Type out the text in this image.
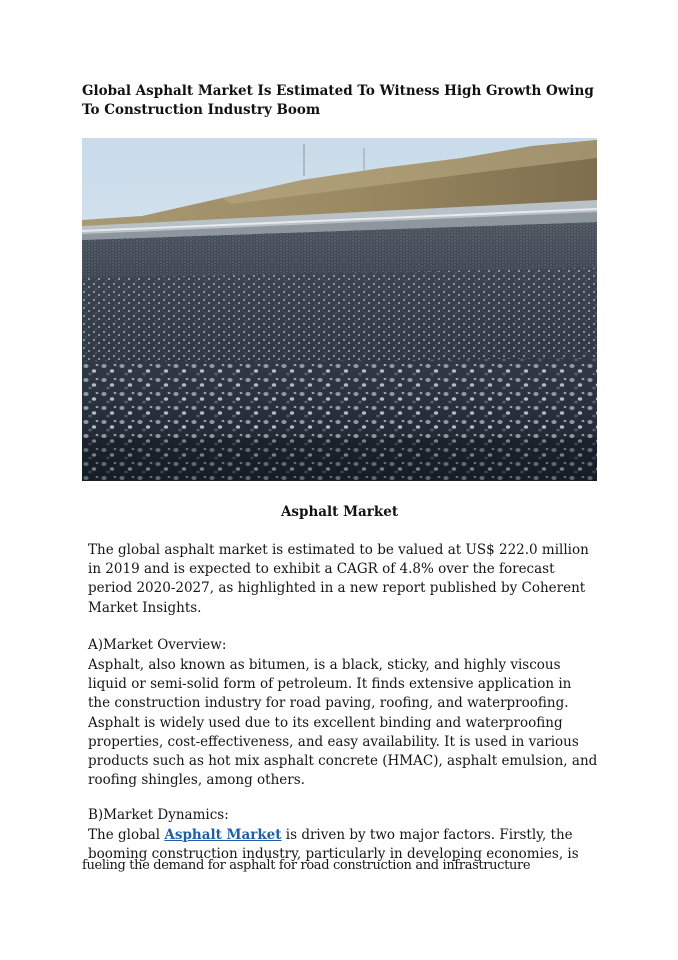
Global Asphalt Market Is Estimated To Witness High Growth Owing To Construction Industry Boom

Asphalt Market

The global asphalt market is estimated to be valued at US$ 222.0 million
in 2019 and is expected to exhibit a CAGR of 4.8% over the forecast
period 2020-2027, as highlighted in a new report published by Coherent
Market Insights.

A)Market Overview:

Asphalt, also known as bitumen, is a black, sticky, and highly viscous
liquid or semi-solid form of petroleum. It finds extensive application in
the construction industry for road paving, roofing, and waterproofing.
Asphalt is widely used due to its excellent binding and waterproofing
properties, cost-effectiveness, and easy availability. It is used in various
products such as hot mix asphalt concrete (HMAC), asphalt emulsion, and
roofing shingles, among others.

B)Market Dynamics:

The global Asphalt Market is driven by two major factors. Firstly, the
booming construction industry, particularly in developing economies, is

fueling the demand for asphalt for road construction and infrastructure
